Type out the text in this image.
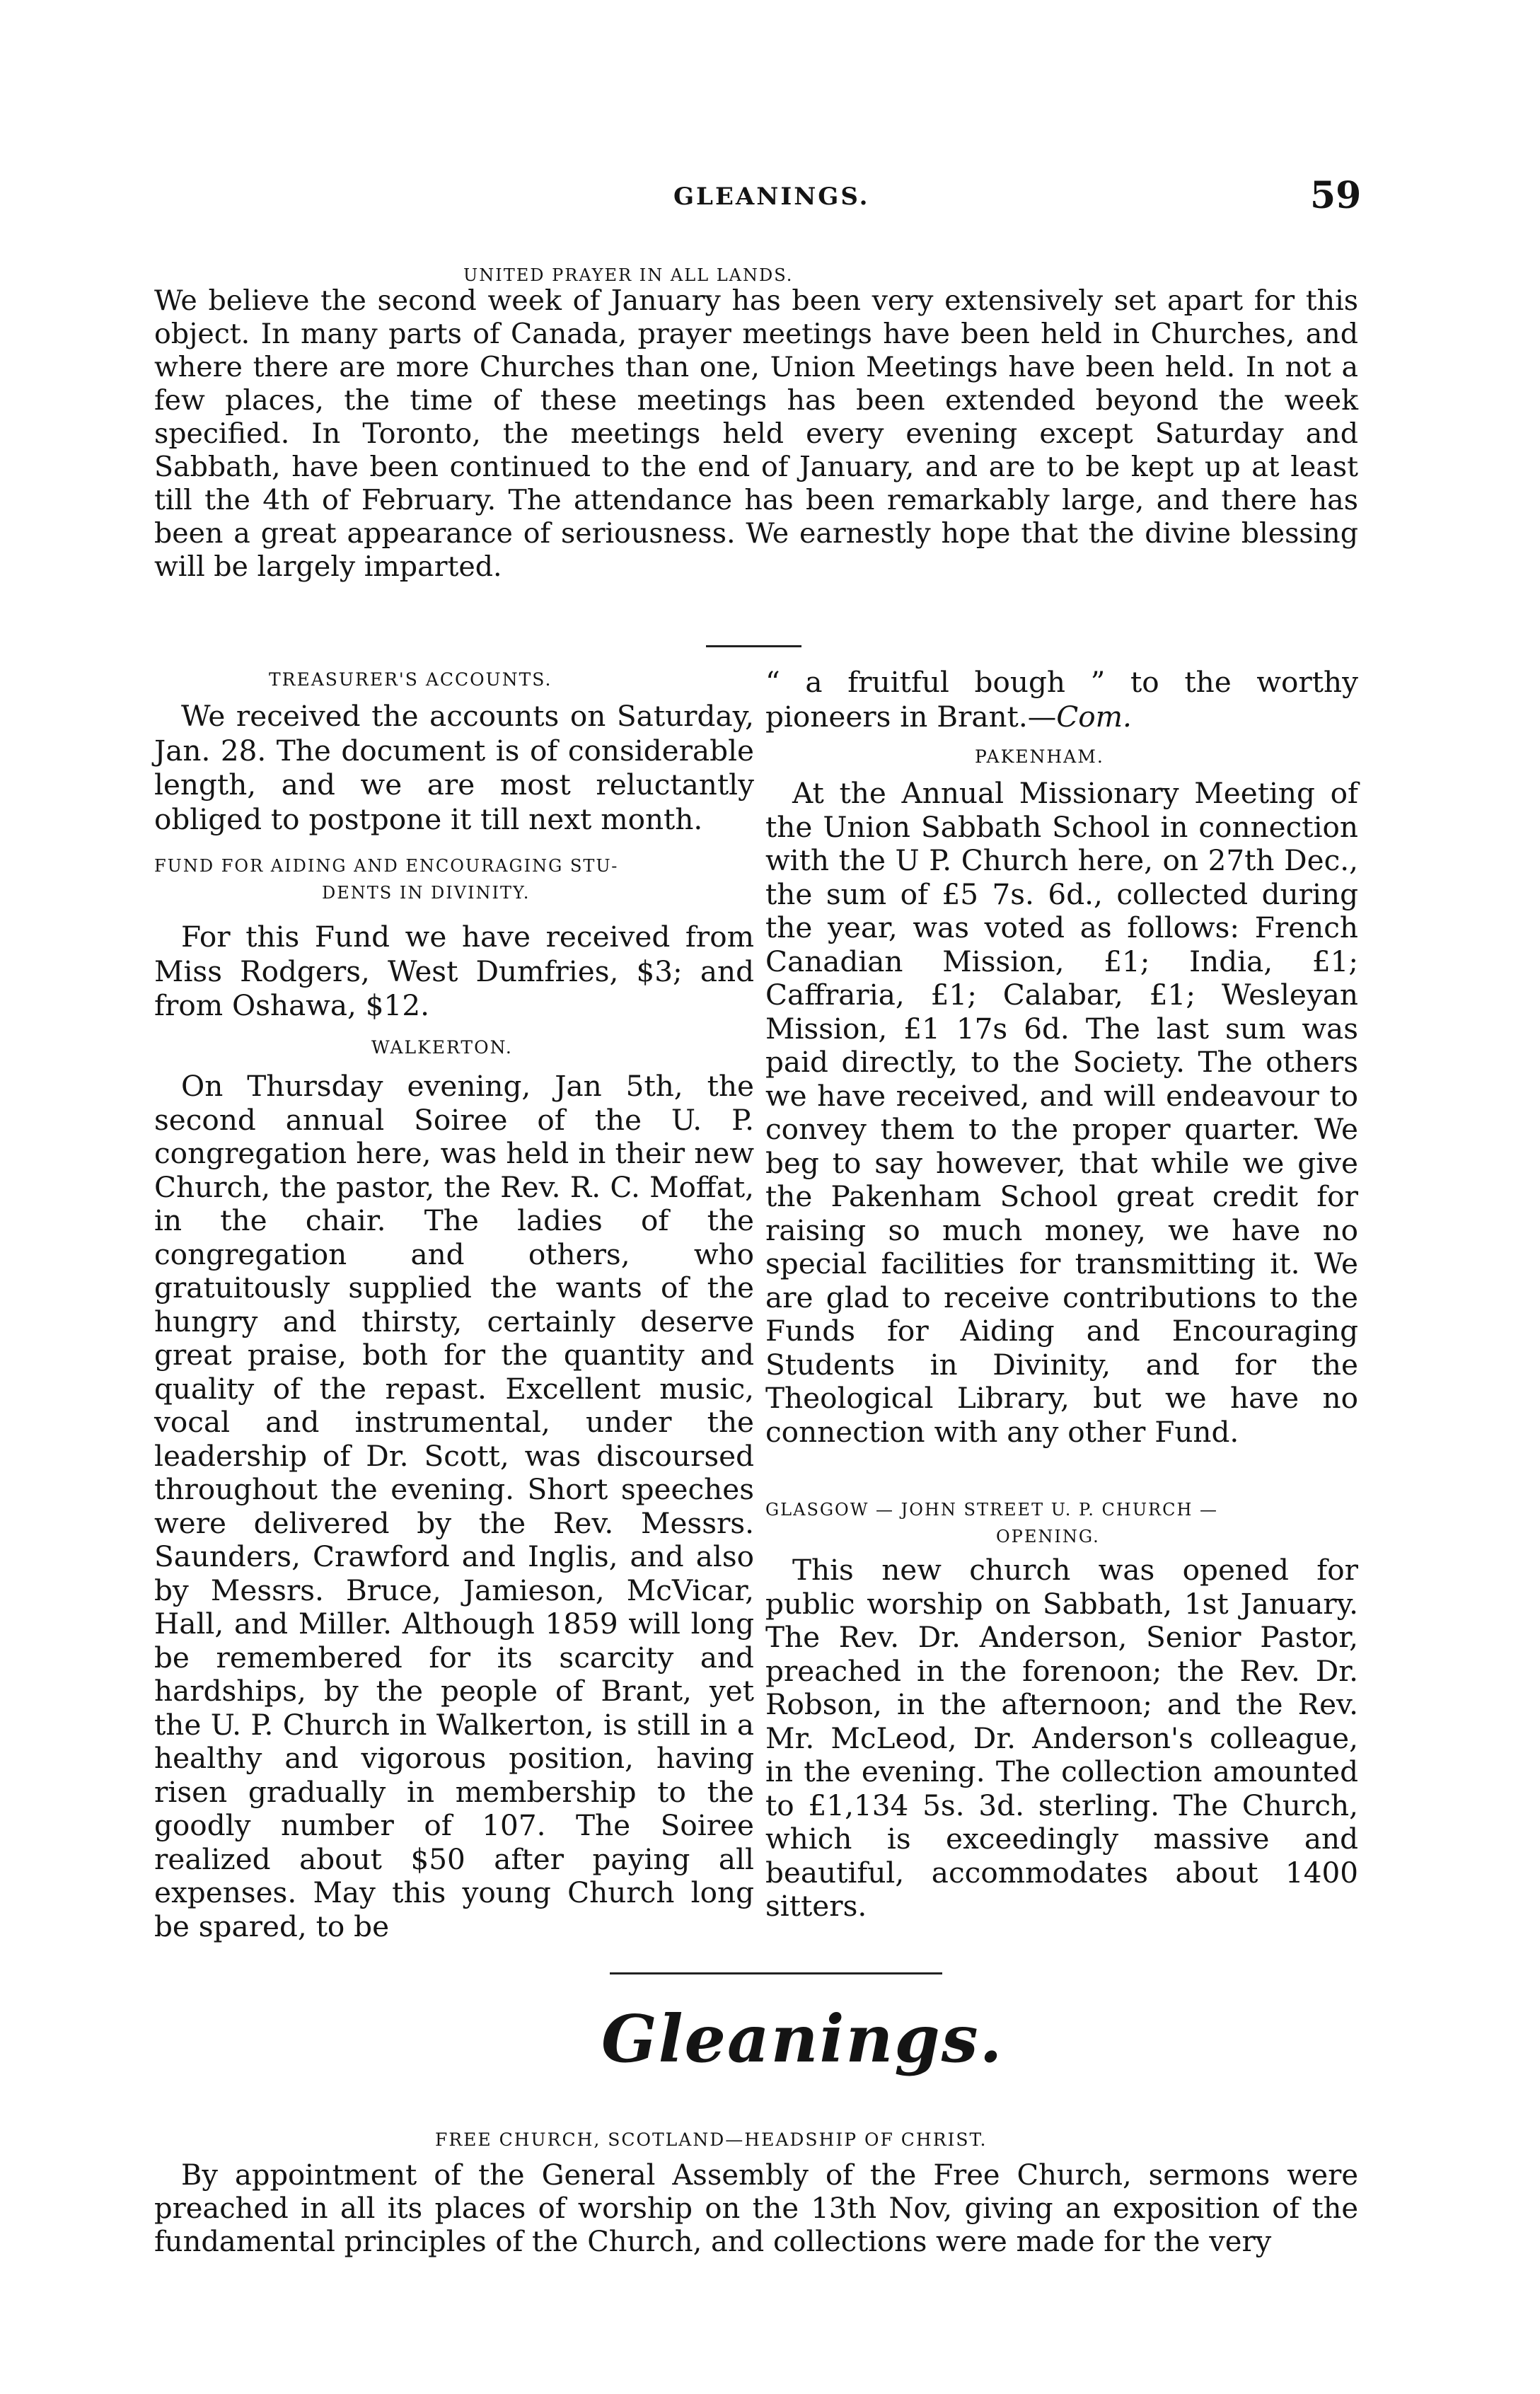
GLEANINGS.	59
UNITED PRAYER IN ALL LANDS.

We believe the second week of January has been very extensively set apart for this object. In many parts of Canada, prayer meetings have been held in Churches, and where there are more Churches than one, Union Meetings have been held. In not a few places, the time of these meetings has been extended beyond the week specified. In Toronto, the meetings held every evening except Saturday and Sabbath, have been continued to the end of January, and are to be kept up at least till the 4th of February. The attendance has been remarkably large, and there has been a great appearance of seriousness. We earnestly hope that the divine blessing will be largely imparted.

TREASURER'S ACCOUNTS.

We received the accounts on Saturday, Jan. 28. The document is of considerable length, and we are most reluctantly obliged to postpone it till next month.

FUND FOR AIDING AND ENCOURAGING STU-
DENTS IN DIVINITY.

For this Fund we have received from Miss Rodgers, West Dumfries, $3; and from Oshawa, $12.

WALKERTON.

On Thursday evening, Jan 5th, the second annual Soiree of the U. P. congregation here, was held in their new Church, the pastor, the Rev. R. C. Moffat, in the chair. The ladies of the congregation and others, who gratuitously supplied the wants of the hungry and thirsty, certainly deserve great praise, both for the quantity and quality of the repast. Excellent music, vocal and instrumental, under the leadership of Dr. Scott, was discoursed throughout the evening. Short speeches were delivered by the Rev. Messrs. Saunders, Crawford and Inglis, and also by Messrs. Bruce, Jamieson, McVicar, Hall, and Miller. Although 1859 will long be remembered for its scarcity and hardships, by the people of Brant, yet the U. P. Church in Walkerton, is still in a healthy and vigorous position, having risen gradually in membership to the goodly number of 107. The Soiree realized about $50 after paying all expenses. May this young Church long be spared, to be

“ a fruitful bough ” to the worthy pioneers in Brant.—Com.

PAKENHAM.

At the Annual Missionary Meeting of the Union Sabbath School in connection with the U P. Church here, on 27th Dec., the sum of £5 7s. 6d., collected during the year, was voted as follows: French Canadian Mission, £1; India, £1; Caffraria, £1; Calabar, £1; Wesleyan Mission, £1 17s 6d. The last sum was paid directly, to the Society. The others we have received, and will endeavour to convey them to the proper quarter. We beg to say however, that while we give the Pakenham School great credit for raising so much money, we have no special facilities for transmitting it. We are glad to receive contributions to the Funds for Aiding and Encouraging Students in Divinity, and for the Theological Library, but we have no connection with any other Fund.

GLASGOW — JOHN STREET U. P. CHURCH —
OPENING.

This new church was opened for public worship on Sabbath, 1st January. The Rev. Dr. Anderson, Senior Pastor, preached in the forenoon; the Rev. Dr. Robson, in the afternoon; and the Rev. Mr. McLeod, Dr. Anderson's colleague, in the evening. The collection amounted to £1,134 5s. 3d. sterling. The Church, which is exceedingly massive and beautiful, accommodates about 1400 sitters.

Gleanings.
FREE CHURCH, SCOTLAND—HEADSHIP OF CHRIST.

By appointment of the General Assembly of the Free Church, sermons were preached in all its places of worship on the 13th Nov, giving an exposition of the fundamental principles of the Church, and collections were made for the very
